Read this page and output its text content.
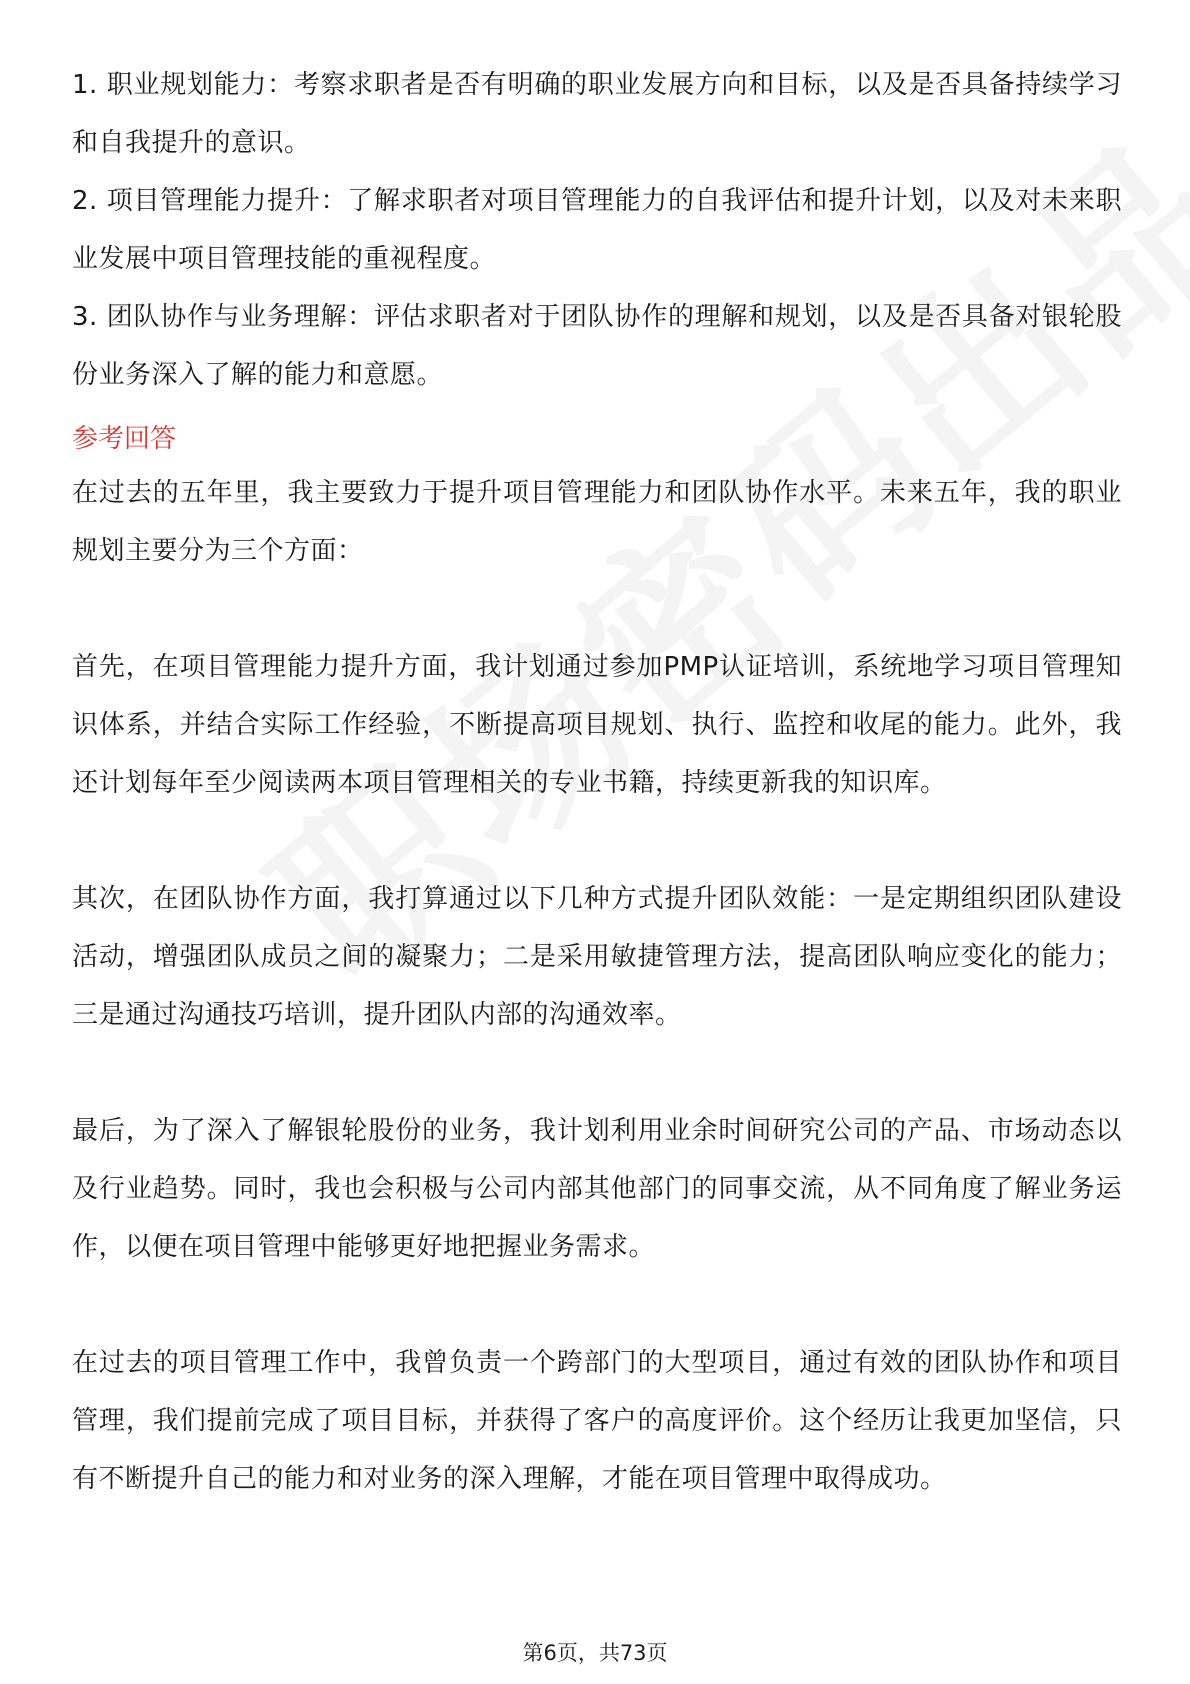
1. 职业规划能力：考察求职者是否有明确的职业发展方向和目标，以及是否具备持续学习和自我提升的意识。

2. 项目管理能力提升：了解求职者对项目管理能力的自我评估和提升计划，以及对未来职业发展中项目管理技能的重视程度。

3. 团队协作与业务理解：评估求职者对于团队协作的理解和规划，以及是否具备对银轮股份业务深入了解的能力和意愿。

参考回答

在过去的五年里，我主要致力于提升项目管理能力和团队协作水平。未来五年，我的职业规划主要分为三个方面：

首先，在项目管理能力提升方面，我计划通过参加PMP认证培训，系统地学习项目管理知识体系，并结合实际工作经验，不断提高项目规划、执行、监控和收尾的能力。此外，我还计划每年至少阅读两本项目管理相关的专业书籍，持续更新我的知识库。

其次，在团队协作方面，我打算通过以下几种方式提升团队效能：一是定期组织团队建设活动，增强团队成员之间的凝聚力；二是采用敏捷管理方法，提高团队响应变化的能力；三是通过沟通技巧培训，提升团队内部的沟通效率。

最后，为了深入了解银轮股份的业务，我计划利用业余时间研究公司的产品、市场动态以及行业趋势。同时，我也会积极与公司内部其他部门的同事交流，从不同角度了解业务运作，以便在项目管理中能够更好地把握业务需求。

在过去的项目管理工作中，我曾负责一个跨部门的大型项目，通过有效的团队协作和项目管理，我们提前完成了项目目标，并获得了客户的高度评价。这个经历让我更加坚信，只有不断提升自己的能力和对业务的深入理解，才能在项目管理中取得成功。

第6页，共73页
